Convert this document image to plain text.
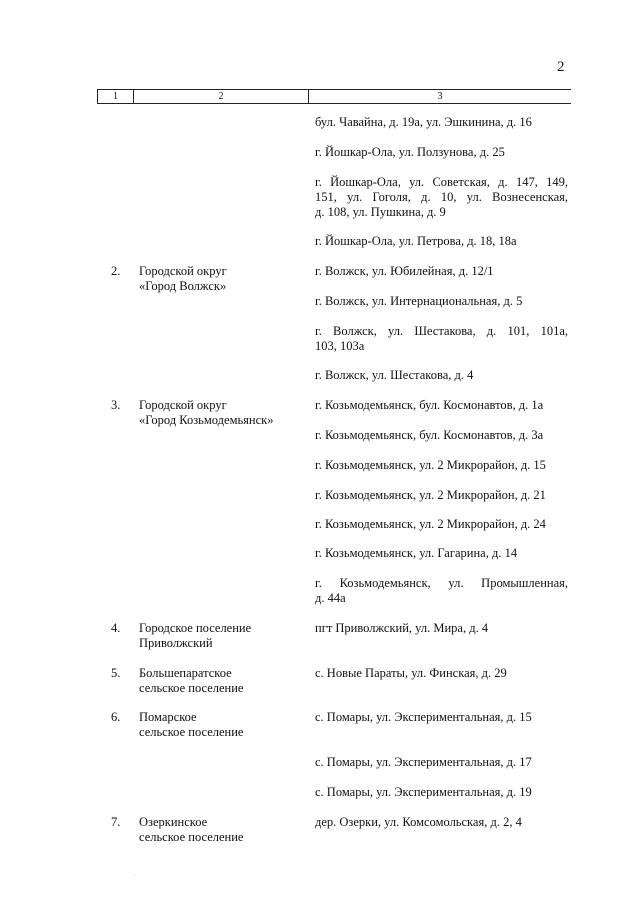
2
1	2	3
бул. Чавайна, д. 19а, ул. Эшкинина, д. 16
г. Йошкар-Ола, ул. Ползунова, д. 25
г. Йошкар-Ола, ул. Советская, д. 147, 149,
151, ул. Гоголя, д. 10, ул. Вознесенская,
д. 108, ул. Пушкина, д. 9
г. Йошкар-Ола, ул. Петрова, д. 18, 18а
2. Городской округ
«Город Волжск»
г. Волжск, ул. Юбилейная, д. 12/1
г. Волжск, ул. Интернациональная, д. 5
г. Волжск, ул. Шестакова, д. 101, 101а,
103, 103а
г. Волжск, ул. Шестакова, д. 4
3. Городской округ
«Город Козьмодемьянск»
г. Козьмодемьянск, бул. Космонавтов, д. 1а
г. Козьмодемьянск, бул. Космонавтов, д. 3а
г. Козьмодемьянск, ул. 2 Микрорайон, д. 15
г. Козьмодемьянск, ул. 2 Микрорайон, д. 21
г. Козьмодемьянск, ул. 2 Микрорайон, д. 24
г. Козьмодемьянск, ул. Гагарина, д. 14
г. Козьмодемьянск, ул. Промышленная,
д. 44а
4. Городское поселение
Приволжский
пгт Приволжский, ул. Мира, д. 4
5. Большепаратское
сельское поселение
с. Новые Параты, ул. Финская, д. 29
6. Помарское
сельское поселение
с. Помары, ул. Экспериментальная, д. 15
с. Помары, ул. Экспериментальная, д. 17
с. Помары, ул. Экспериментальная, д. 19
7. Озеркинское
сельское поселение
дер. Озерки, ул. Комсомольская, д. 2, 4
·
